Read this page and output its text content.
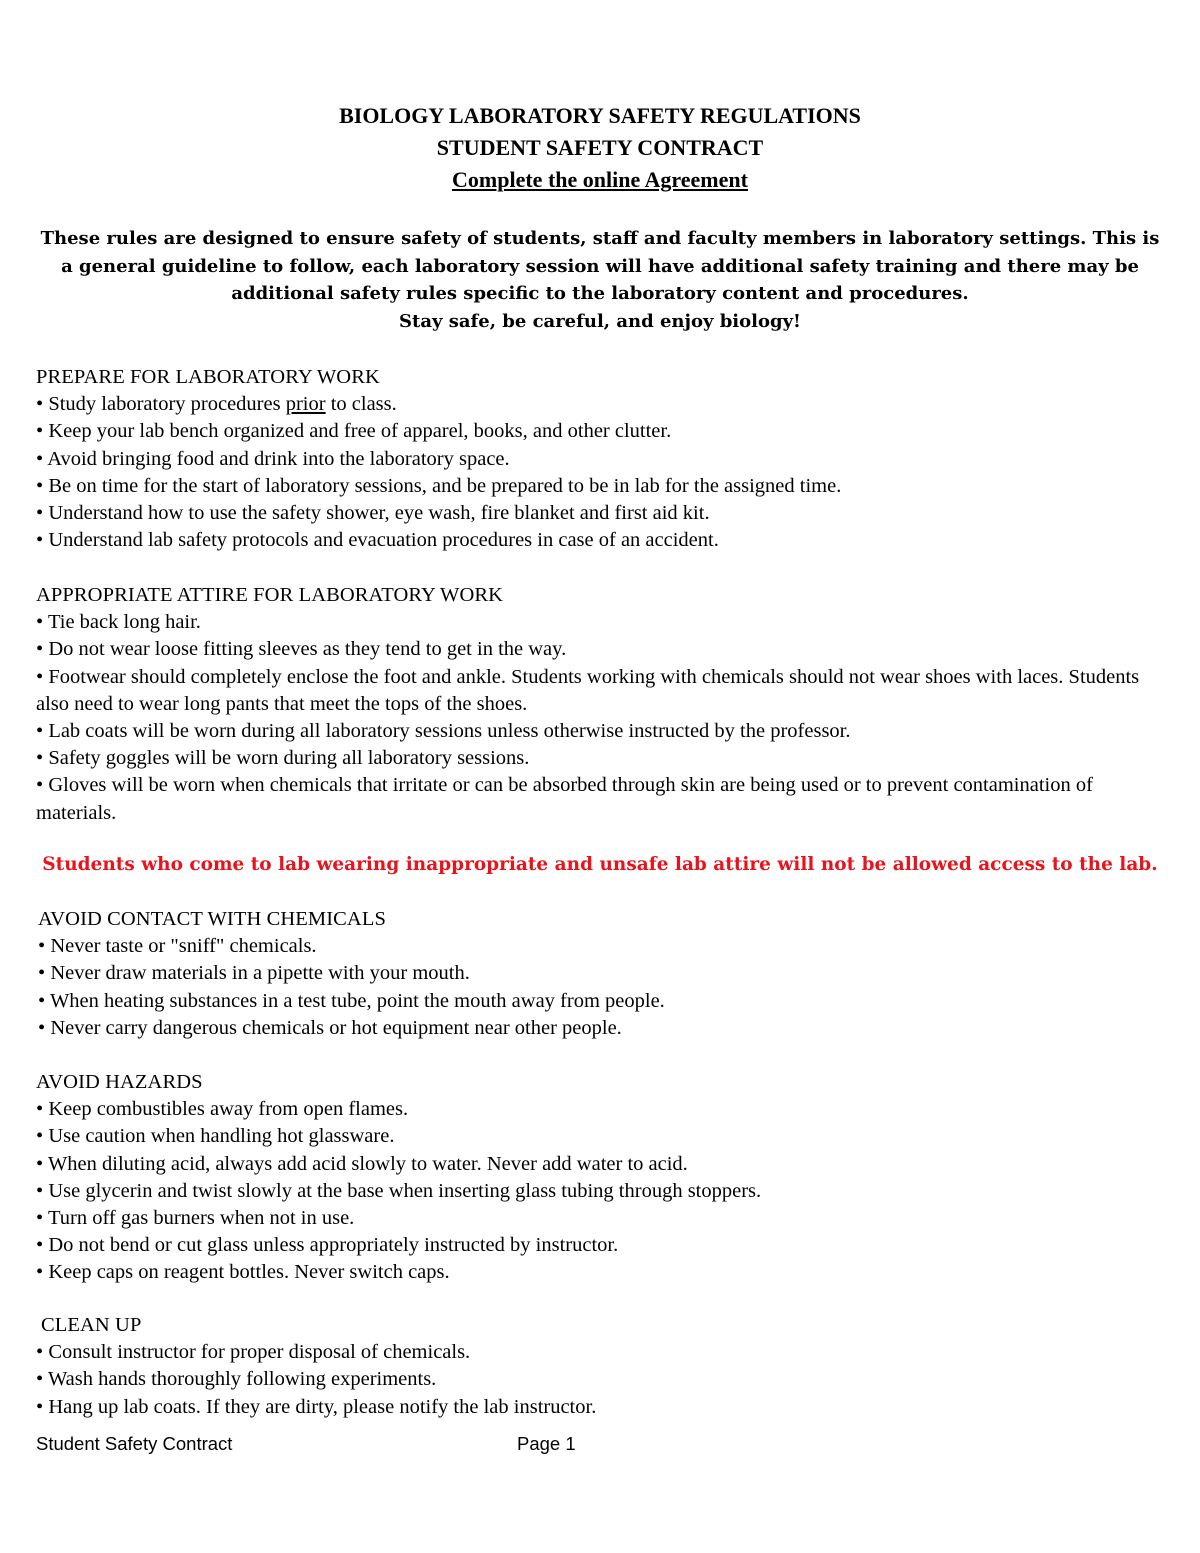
BIOLOGY LABORATORY SAFETY REGULATIONS

STUDENT SAFETY CONTRACT

Complete the online Agreement

These rules are designed to ensure safety of students, staff and faculty members in laboratory settings. This is a general guideline to follow, each laboratory session will have additional safety training and there may be additional safety rules specific to the laboratory content and procedures.
Stay safe, be careful, and enjoy biology!

PREPARE FOR LABORATORY WORK
• Study laboratory procedures prior to class.
• Keep your lab bench organized and free of apparel, books, and other clutter.
• Avoid bringing food and drink into the laboratory space.
• Be on time for the start of laboratory sessions, and be prepared to be in lab for the assigned time.
• Understand how to use the safety shower, eye wash, fire blanket and first aid kit.
• Understand lab safety protocols and evacuation procedures in case of an accident.
APPROPRIATE ATTIRE FOR LABORATORY WORK
• Tie back long hair.
• Do not wear loose fitting sleeves as they tend to get in the way.
• Footwear should completely enclose the foot and ankle. Students working with chemicals should not wear shoes with laces. Students also need to wear long pants that meet the tops of the shoes.
• Lab coats will be worn during all laboratory sessions unless otherwise instructed by the professor.
• Safety goggles will be worn during all laboratory sessions.
• Gloves will be worn when chemicals that irritate or can be absorbed through skin are being used or to prevent contamination of materials.

Students who come to lab wearing inappropriate and unsafe lab attire will not be allowed access to the lab.

AVOID CONTACT WITH CHEMICALS
• Never taste or "sniff" chemicals.
• Never draw materials in a pipette with your mouth.
• When heating substances in a test tube, point the mouth away from people.
• Never carry dangerous chemicals or hot equipment near other people.
AVOID HAZARDS
• Keep combustibles away from open flames.
• Use caution when handling hot glassware.
• When diluting acid, always add acid slowly to water. Never add water to acid.
• Use glycerin and twist slowly at the base when inserting glass tubing through stoppers.
• Turn off gas burners when not in use.
• Do not bend or cut glass unless appropriately instructed by instructor.
• Keep caps on reagent bottles. Never switch caps.
CLEAN UP
• Consult instructor for proper disposal of chemicals.
• Wash hands thoroughly following experiments.
• Hang up lab coats. If they are dirty, please notify the lab instructor.
Student Safety Contract	Page 1
